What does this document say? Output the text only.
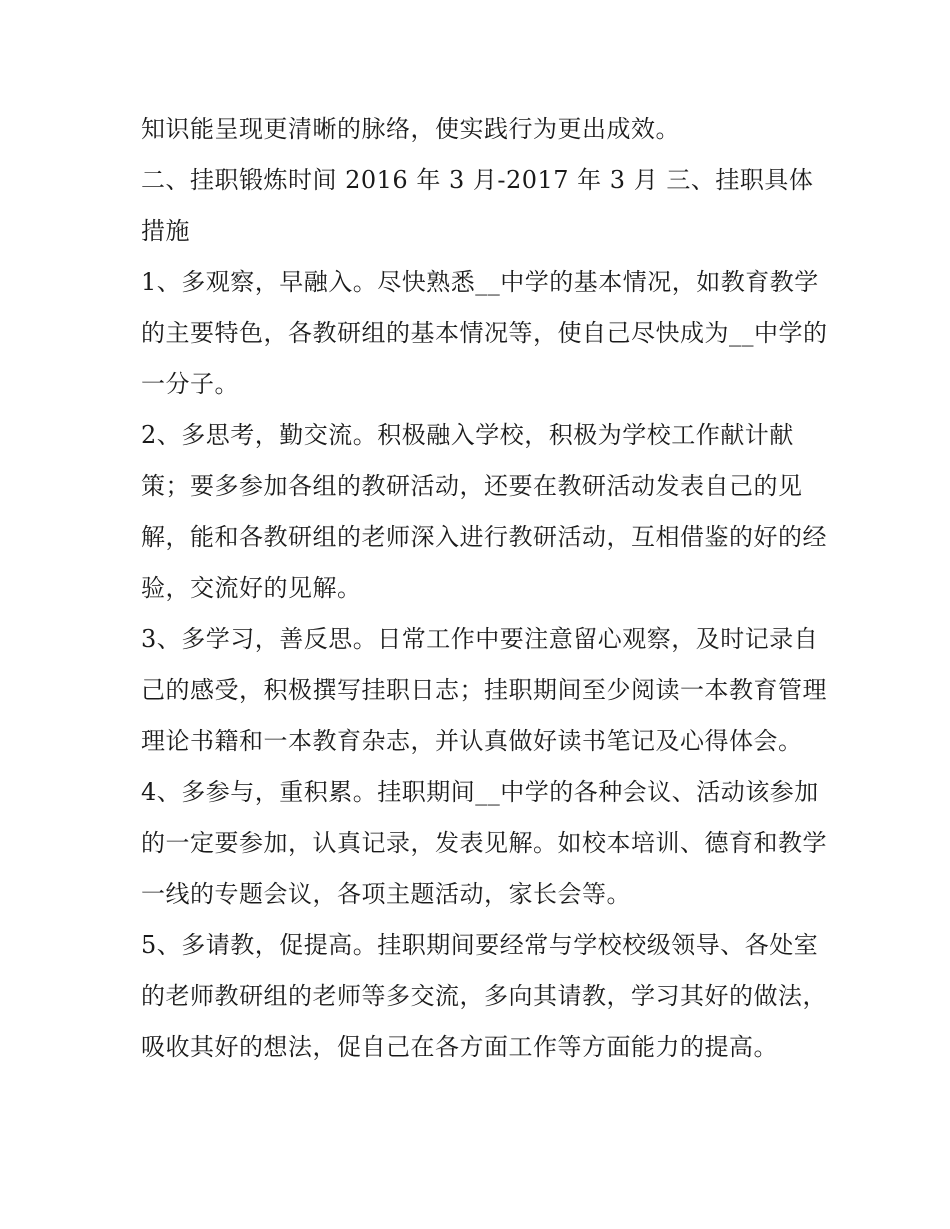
知识能呈现更清晰的脉络，使实践行为更出成效。

二、挂职锻炼时间 2016 年 3 月-2017 年 3 月 三、挂职具体措施

1、多观察，早融入。尽快熟悉__中学的基本情况，如教育教学的主要特色，各教研组的基本情况等，使自己尽快成为__中学的一分子。

2、多思考，勤交流。积极融入学校，积极为学校工作献计献策；要多参加各组的教研活动，还要在教研活动发表自己的见解，能和各教研组的老师深入进行教研活动，互相借鉴的好的经验，交流好的见解。

3、多学习，善反思。日常工作中要注意留心观察，及时记录自己的感受，积极撰写挂职日志；挂职期间至少阅读一本教育管理理论书籍和一本教育杂志，并认真做好读书笔记及心得体会。

4、多参与，重积累。挂职期间__中学的各种会议、活动该参加的一定要参加，认真记录，发表见解。如校本培训、德育和教学一线的专题会议，各项主题活动，家长会等。

5、多请教，促提高。挂职期间要经常与学校校级领导、各处室的老师教研组的老师等多交流，多向其请教，学习其好的做法，吸收其好的想法，促自己在各方面工作等方面能力的提高。
